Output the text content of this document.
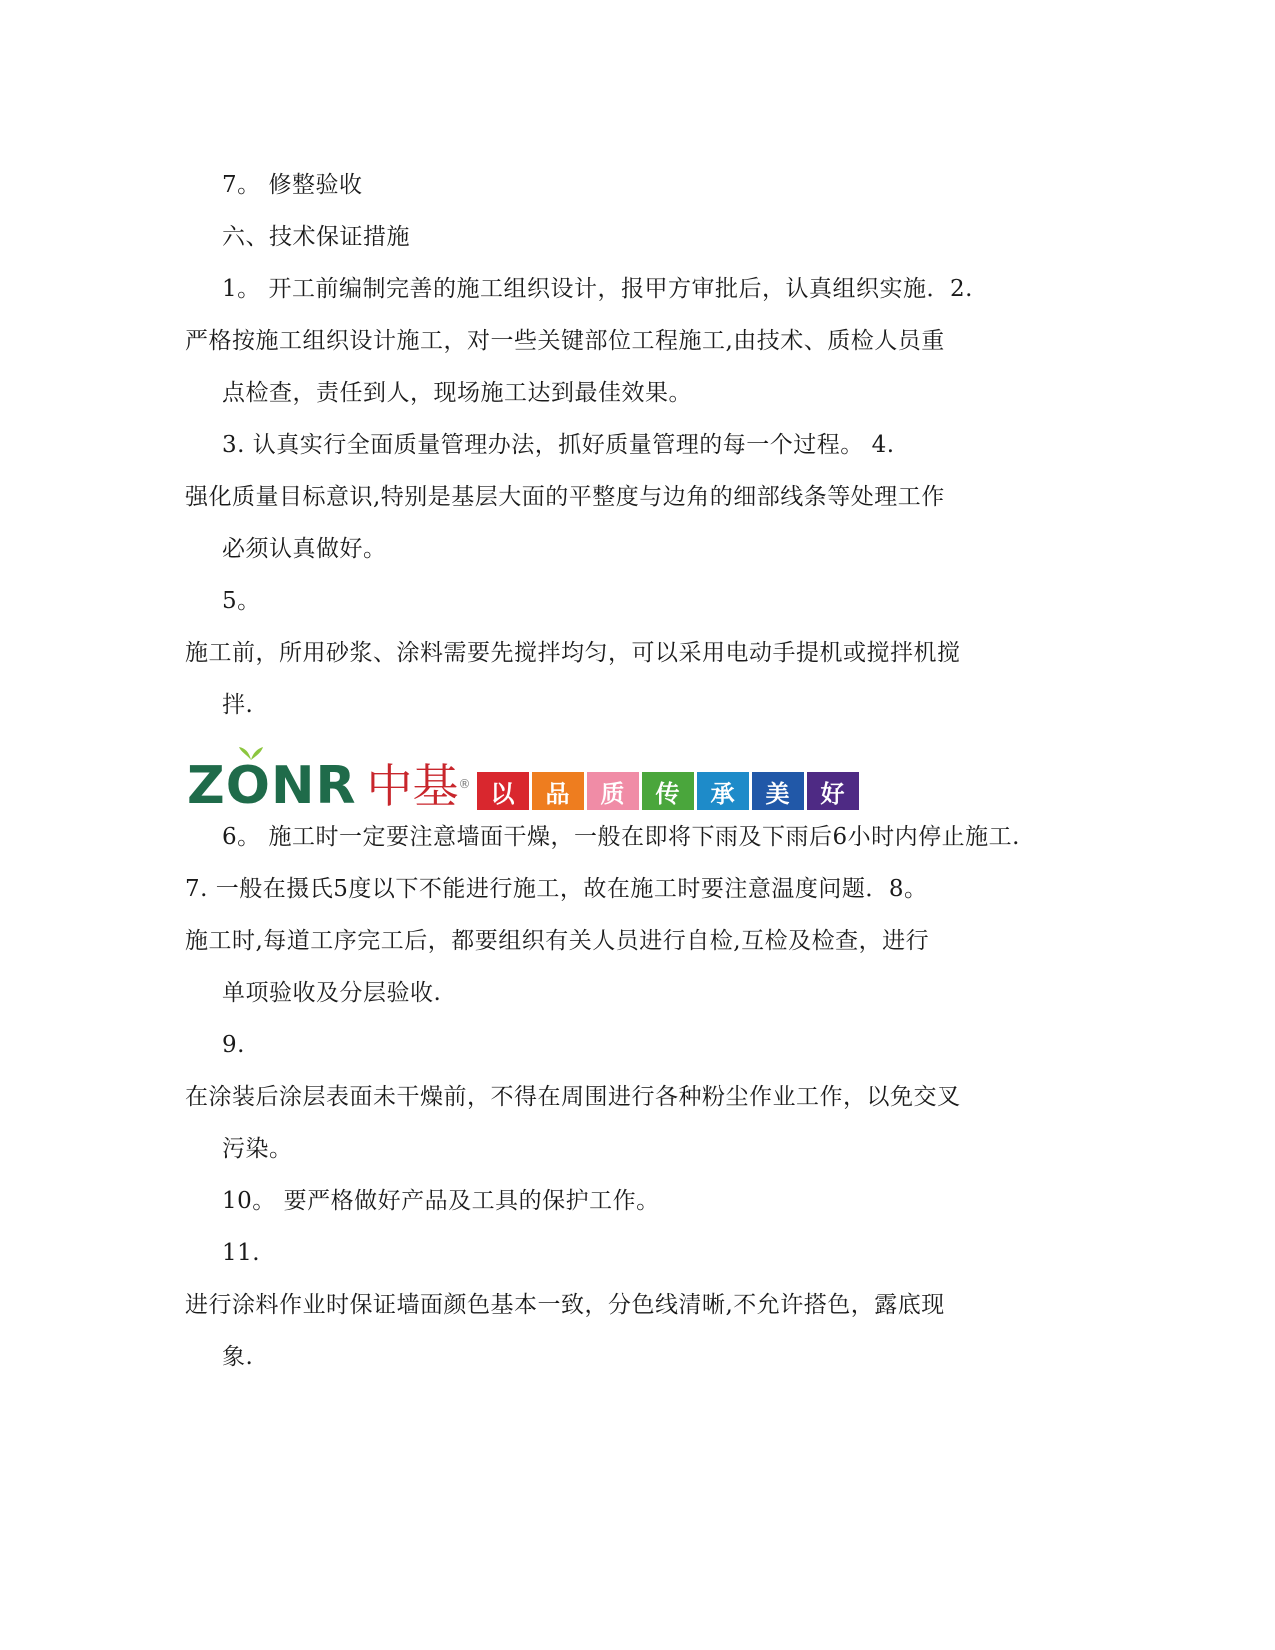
7。 修整验收
六、技术保证措施
1。 开工前编制完善的施工组织设计，报甲方审批后，认真组织实施．2.
严格按施工组织设计施工，对一些关键部位工程施工,由技术、质检人员重
点检查，责任到人，现场施工达到最佳效果。
3. 认真实行全面质量管理办法，抓好质量管理的每一个过程。 4.
强化质量目标意识,特别是基层大面的平整度与边角的细部线条等处理工作
必须认真做好。
5。
施工前，所用砂浆、涂料需要先搅拌均匀，可以采用电动手提机或搅拌机搅
拌.
Z
ONR 中基 ® 以	品	质	传	承	美	好
6。 施工时一定要注意墙面干燥，一般在即将下雨及下雨后6小时内停止施工.
7. 一般在摄氏5度以下不能进行施工，故在施工时要注意温度问题．8。
施工时,每道工序完工后，都要组织有关人员进行自检,互检及检查，进行
单项验收及分层验收.
9.
在涂装后涂层表面未干燥前，不得在周围进行各种粉尘作业工作，以免交叉
污染。
10。 要严格做好产品及工具的保护工作。
11.
进行涂料作业时保证墙面颜色基本一致，分色线清晰,不允许搭色，露底现
象.
